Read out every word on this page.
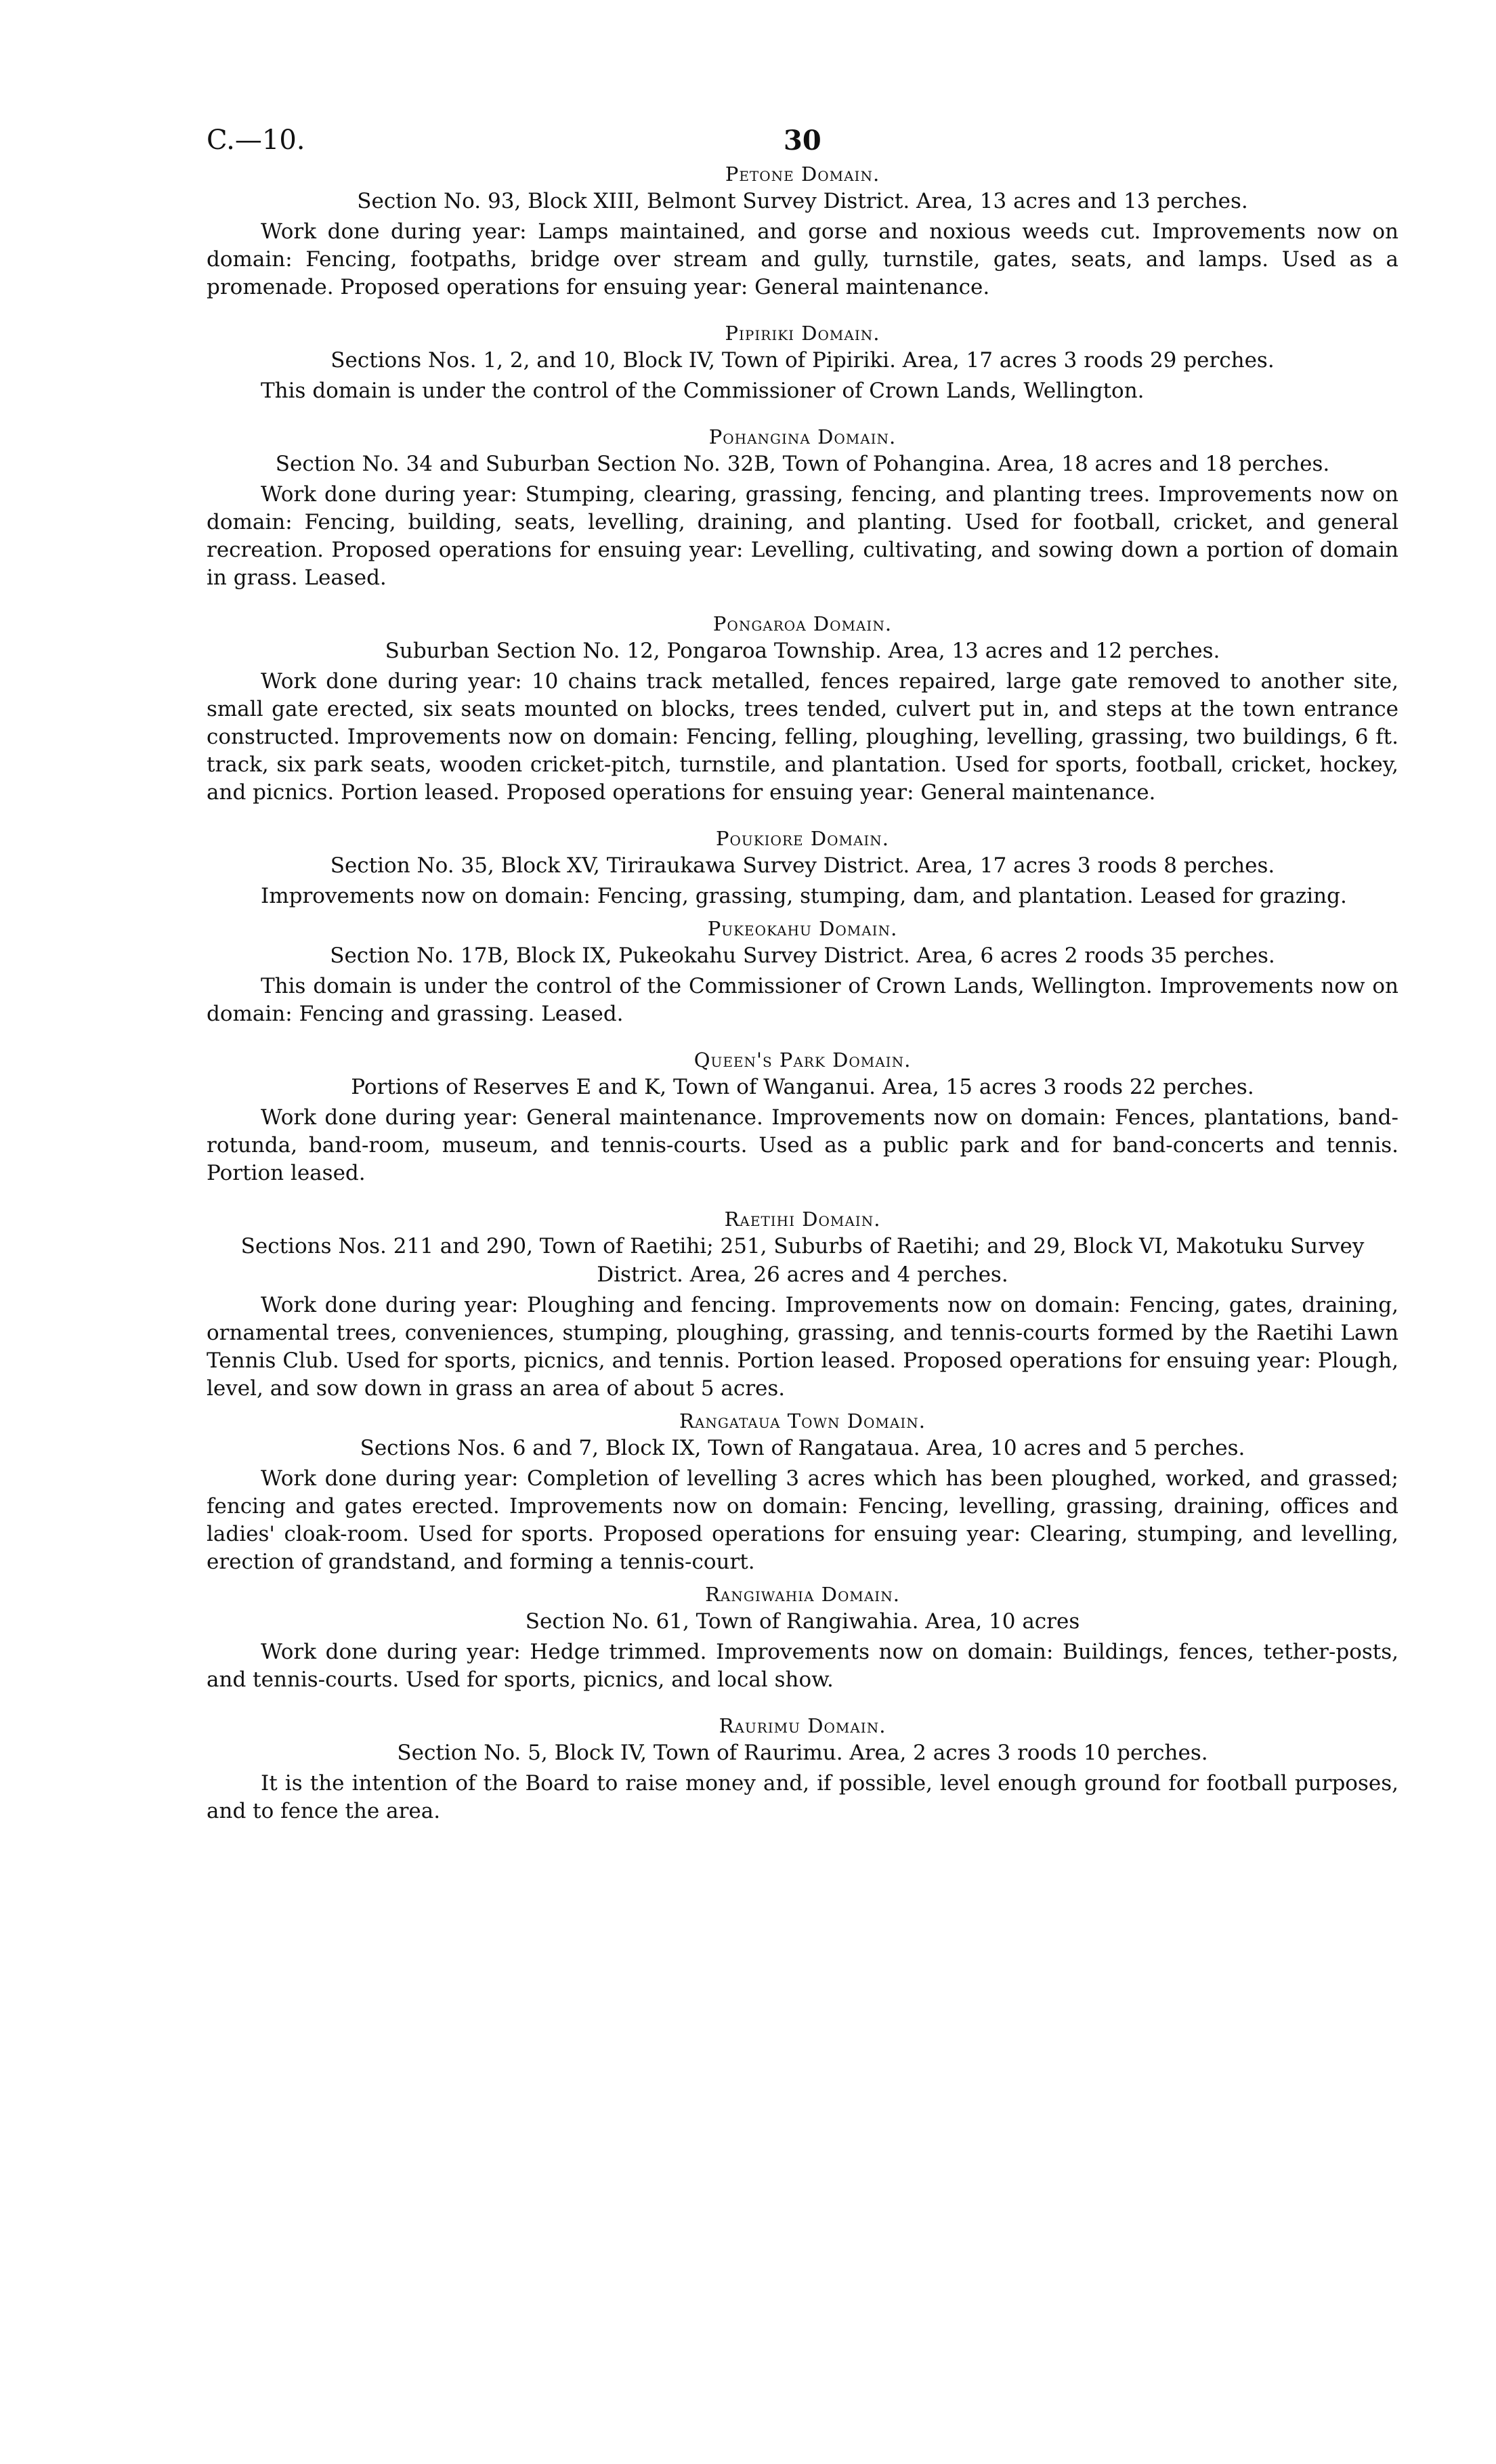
C.—10.	30

Petone Domain.

Section No. 93, Block XIII, Belmont Survey District. Area, 13 acres and 13 perches.

Work done during year: Lamps maintained, and gorse and noxious weeds cut. Improvements now on domain: Fencing, footpaths, bridge over stream and gully, turnstile, gates, seats, and lamps. Used as a promenade. Proposed operations for ensuing year: General maintenance.

Pipiriki Domain.

Sections Nos. 1, 2, and 10, Block IV, Town of Pipiriki. Area, 17 acres 3 roods 29 perches.

This domain is under the control of the Commissioner of Crown Lands, Wellington.

Pohangina Domain.

Section No. 34 and Suburban Section No. 32B, Town of Pohangina. Area, 18 acres and 18 perches.

Work done during year: Stumping, clearing, grassing, fencing, and planting trees. Improvements now on domain: Fencing, building, seats, levelling, draining, and planting. Used for football, cricket, and general recreation. Proposed operations for ensuing year: Levelling, cultivating, and sowing down a portion of domain in grass. Leased.

Pongaroa Domain.

Suburban Section No. 12, Pongaroa Township. Area, 13 acres and 12 perches.

Work done during year: 10 chains track metalled, fences repaired, large gate removed to another site, small gate erected, six seats mounted on blocks, trees tended, culvert put in, and steps at the town entrance constructed. Improvements now on domain: Fencing, felling, ploughing, levelling, grassing, two buildings, 6 ft. track, six park seats, wooden cricket-pitch, turnstile, and plantation. Used for sports, football, cricket, hockey, and picnics. Portion leased. Proposed operations for ensuing year: General maintenance.

Poukiore Domain.

Section No. 35, Block XV, Tiriraukawa Survey District. Area, 17 acres 3 roods 8 perches.

Improvements now on domain: Fencing, grassing, stumping, dam, and plantation. Leased for grazing.

Pukeokahu Domain.

Section No. 17B, Block IX, Pukeokahu Survey District. Area, 6 acres 2 roods 35 perches.

This domain is under the control of the Commissioner of Crown Lands, Wellington. Improvements now on domain: Fencing and grassing. Leased.

Queen's Park Domain.

Portions of Reserves E and K, Town of Wanganui. Area, 15 acres 3 roods 22 perches.

Work done during year: General maintenance. Improvements now on domain: Fences, plantations, band-rotunda, band-room, museum, and tennis-courts. Used as a public park and for band-concerts and tennis. Portion leased.

Raetihi Domain.

Sections Nos. 211 and 290, Town of Raetihi; 251, Suburbs of Raetihi; and 29, Block VI, Makotuku Survey District. Area, 26 acres and 4 perches.

Work done during year: Ploughing and fencing. Improvements now on domain: Fencing, gates, draining, ornamental trees, conveniences, stumping, ploughing, grassing, and tennis-courts formed by the Raetihi Lawn Tennis Club. Used for sports, picnics, and tennis. Portion leased. Proposed operations for ensuing year: Plough, level, and sow down in grass an area of about 5 acres.

Rangataua Town Domain.

Sections Nos. 6 and 7, Block IX, Town of Rangataua. Area, 10 acres and 5 perches.

Work done during year: Completion of levelling 3 acres which has been ploughed, worked, and grassed; fencing and gates erected. Improvements now on domain: Fencing, levelling, grassing, draining, offices and ladies' cloak-room. Used for sports. Proposed operations for ensuing year: Clearing, stumping, and levelling, erection of grandstand, and forming a tennis-court.

Rangiwahia Domain.

Section No. 61, Town of Rangiwahia. Area, 10 acres

Work done during year: Hedge trimmed. Improvements now on domain: Buildings, fences, tether-posts, and tennis-courts. Used for sports, picnics, and local show.

Raurimu Domain.

Section No. 5, Block IV, Town of Raurimu. Area, 2 acres 3 roods 10 perches.

It is the intention of the Board to raise money and, if possible, level enough ground for football purposes, and to fence the area.
